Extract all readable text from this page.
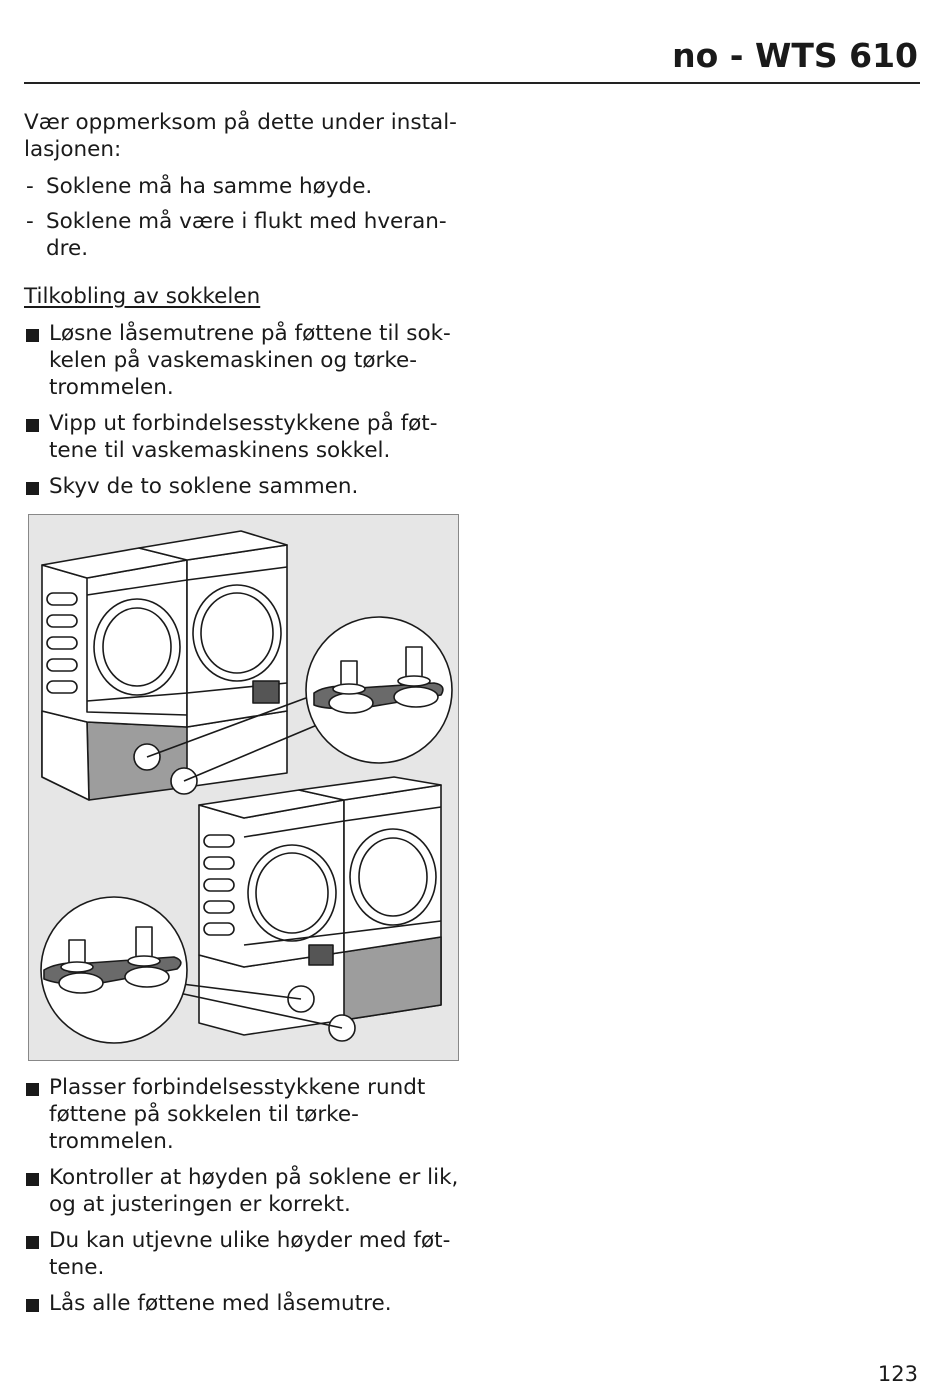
no - WTS 610
Vær oppmerksom på dette under instal-
lasjonen:
- Soklene må ha samme høyde.
- Soklene må være i flukt med hveran-
dre.
Tilkobling av sokkelen
Løsne låsemutrene på føttene til sok-
kelen på vaskemaskinen og tørke-
trommelen.
Vipp ut forbindelsesstykkene på føt-
tene til vaskemaskinens sokkel.
Skyv de to soklene sammen.
Plasser forbindelsesstykkene rundt
føttene på sokkelen til tørke-
trommelen.
Kontroller at høyden på soklene er lik,
og at justeringen er korrekt.
Du kan utjevne ulike høyder med føt-
tene.
Lås alle føttene med låsemutre.
123
